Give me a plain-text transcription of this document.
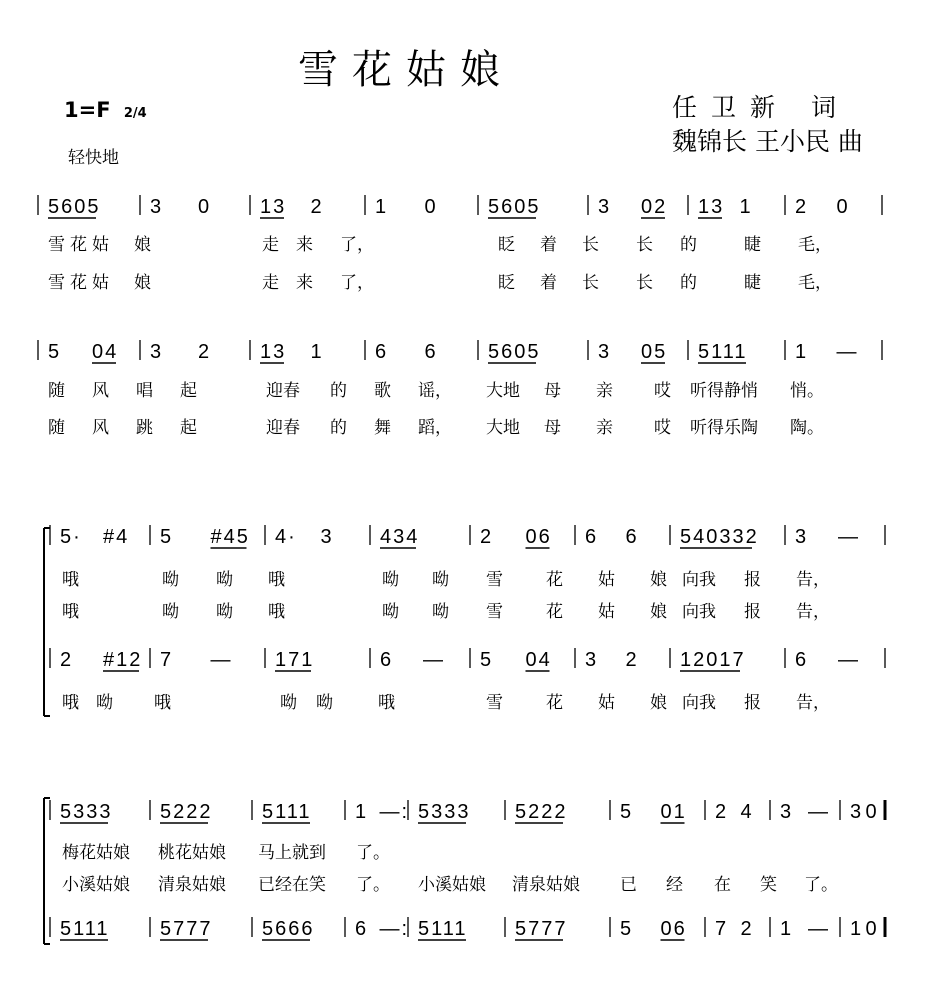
雪花姑娘
1=F 2/4
轻快地
任卫新 词
魏锦长 王小民 曲
5605 3 0 13 2	1 0	5605	3 02 13 1 2 0
雪 花 姑 娘	走 来 了，	眨 着 长 长 的	睫 毛，
雪 花 姑 娘	走 来 了，	眨 着 长 长 的	睫 毛，
5 04 3 2 13 1	6 6	5605	3 05 5111 1 —
随 风 唱 起	迎春 的 歌 谣， 大地 母 亲 哎 听得静悄 悄。
随 风 跳 起	迎春 的 舞 蹈， 大地 母 亲 哎 听得乐陶 陶。
5· #4 5 #45 4· 3 434	2 06 6 6 540332 3 —
哦	呦 呦 哦	呦 呦 雪	花 姑 娘 向我 报 告，
哦	呦 呦 哦	呦 呦 雪	花 姑 娘 向我 报 告，
2 #12 7 — 171	6 — 5 04 3 2 12017 6 —
哦 呦 哦	呦 呦	哦	雪	花 姑 娘 向我 报 告，
5333 5222 5111 1 —: 5333 5222	5 01 2 4 3 — 3 0
梅花姑娘 桃花姑娘 马上就到 了。
小溪姑娘 清泉姑娘 已经在笑 了。 小溪姑娘 清泉姑娘 已 经 在 笑 了。
5111	5777 5666 6 —: 5111 5777	5 06 7 2 1 — 1 0
